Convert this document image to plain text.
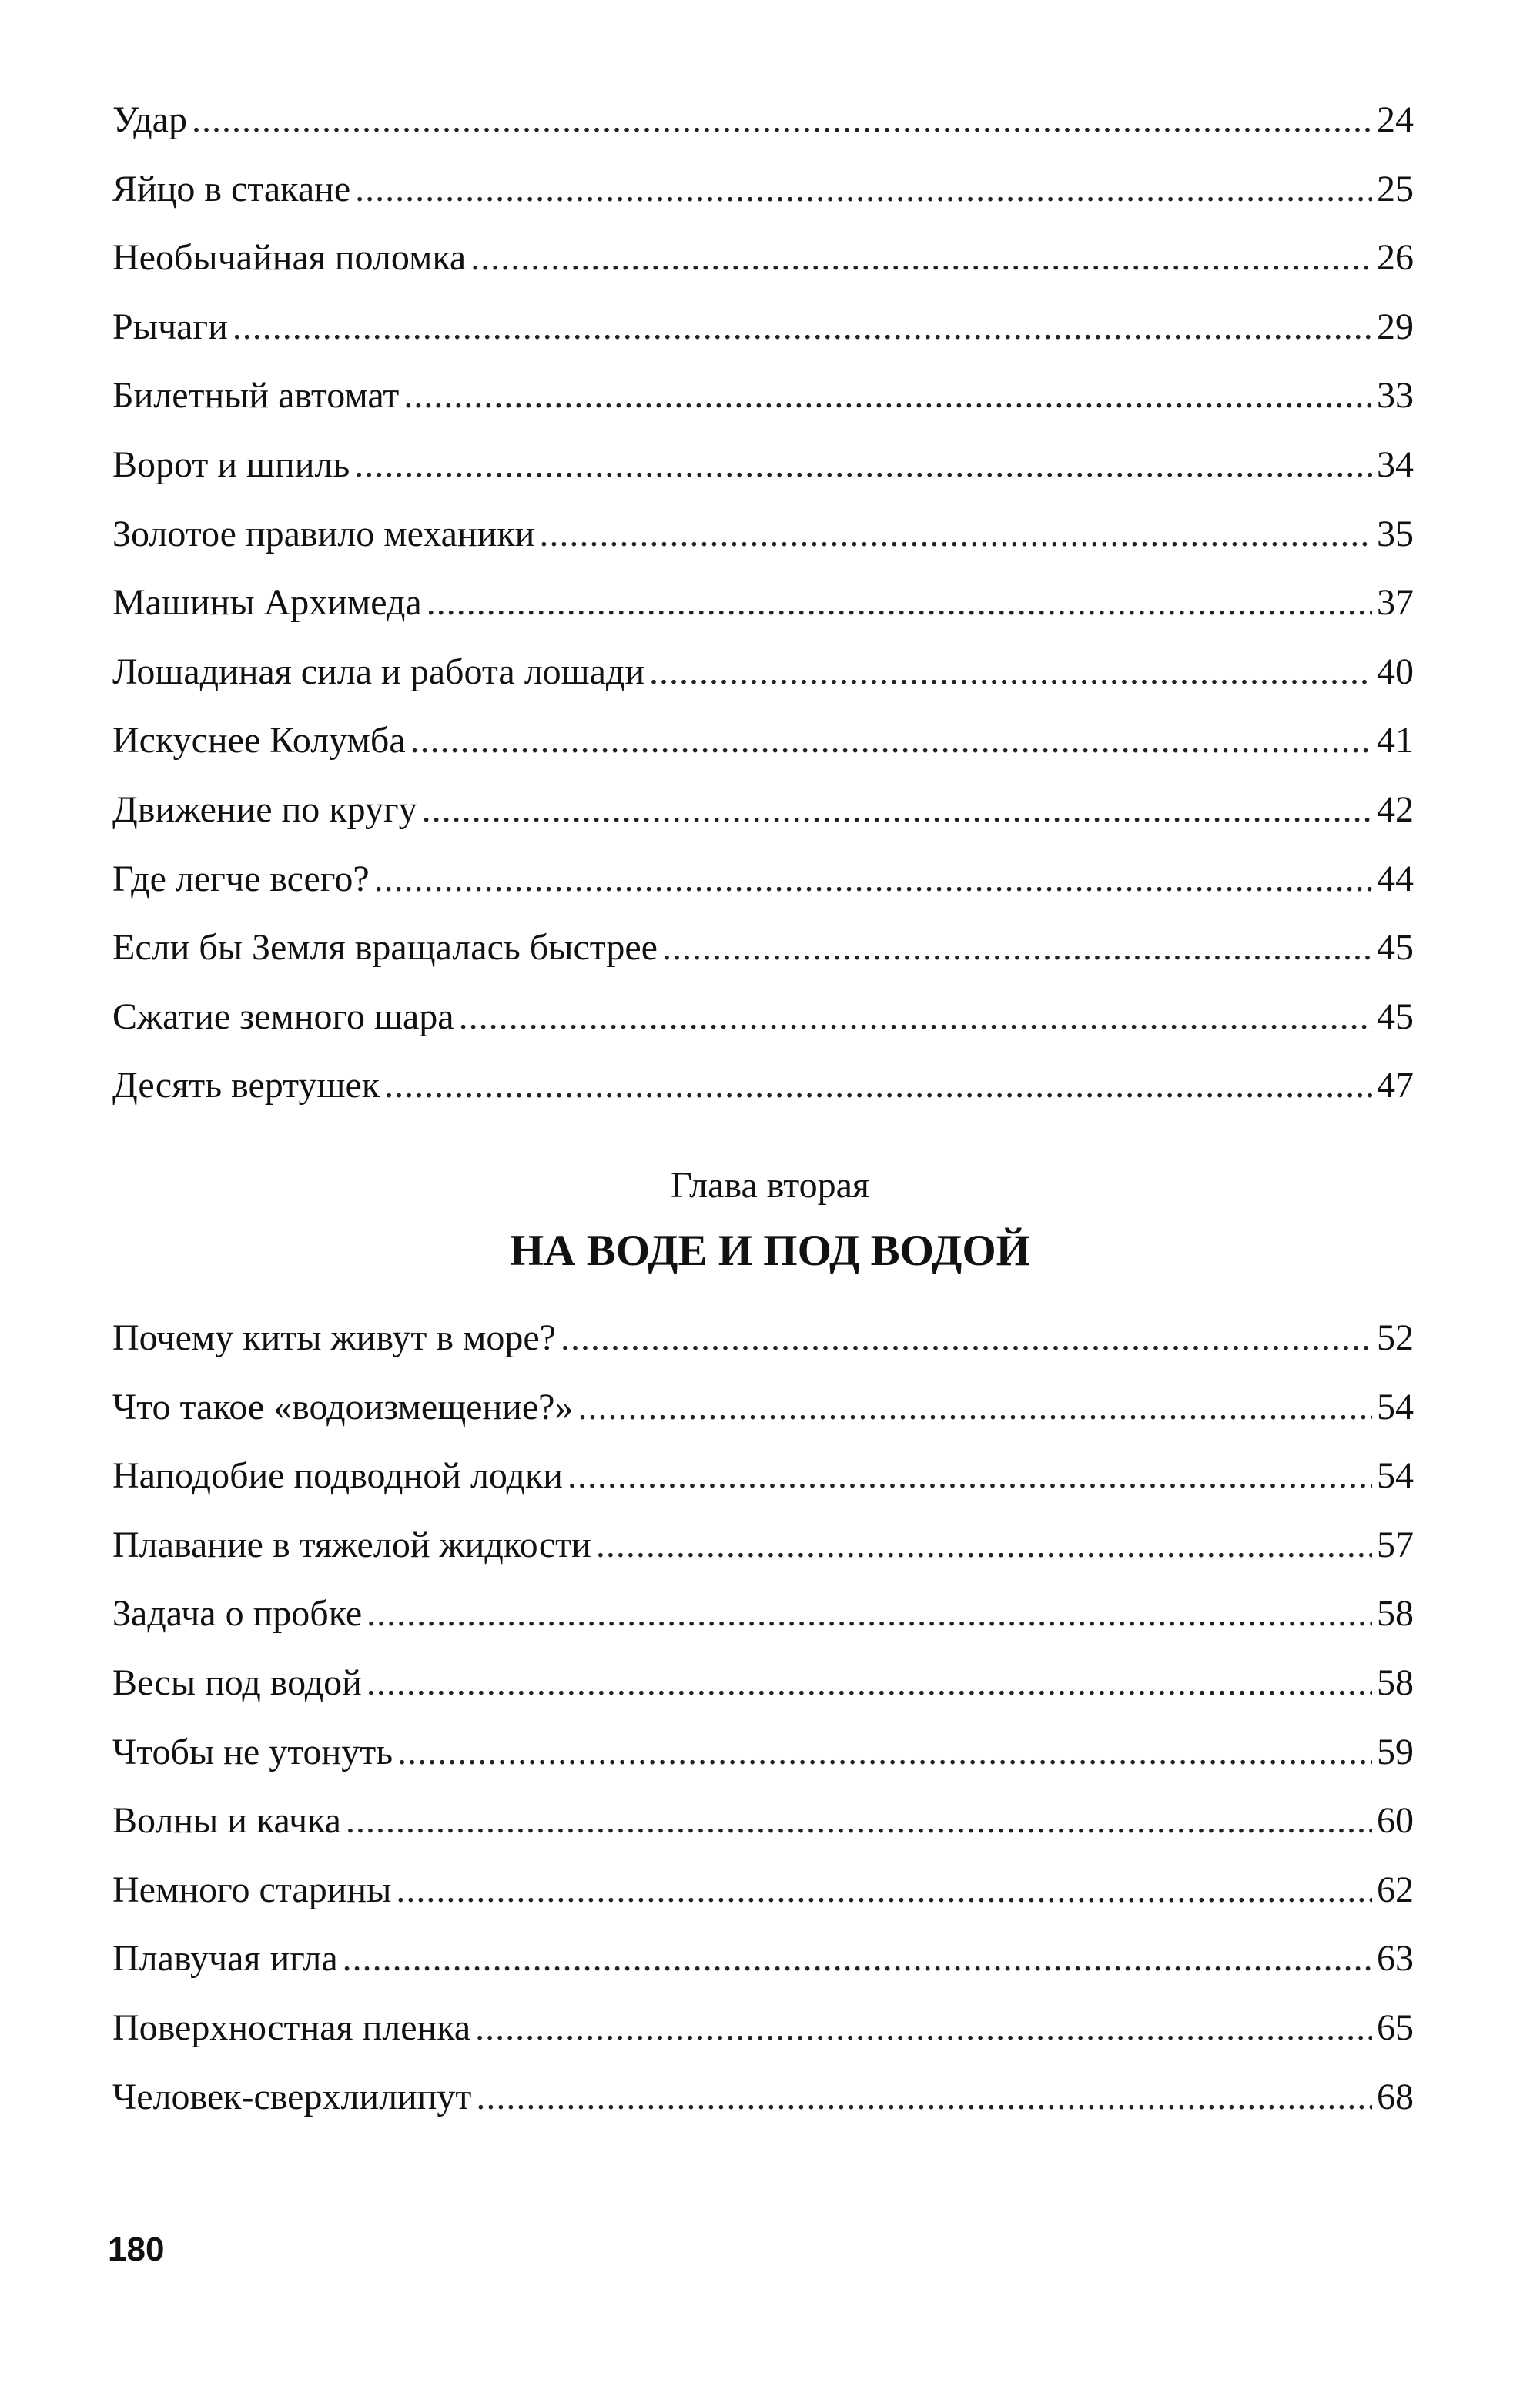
Удар .....	24
Яйцо в стакане .....	25
Необычайная поломка .....	26
Рычаги .....	29
Билетный автомат .....	33
Ворот и шпиль .....	34
Золотое правило механики .....	35
Машины Архимеда .....	37
Лошадиная сила и работа лошади .....	40
Искуснее Колумба .....	41
Движение по кругу .....	42
Где легче всего? .....	44
Если бы Земля вращалась быстрее .....	45
Сжатие земного шара .....	45
Десять вертушек .....	47
Глава вторая
НА ВОДЕ И ПОД ВОДОЙ
Почему киты живут в море? .....	52
Что такое «водоизмещение?» .....	54
Наподобие подводной лодки .....	54
Плавание в тяжелой жидкости .....	57
Задача о пробке .....	58
Весы под водой .....	58
Чтобы не утонуть .....	59
Волны и качка .....	60
Немного старины .....	62
Плавучая игла .....	63
Поверхностная пленка .....	65
Человек-сверхлилипут .....	68
180
